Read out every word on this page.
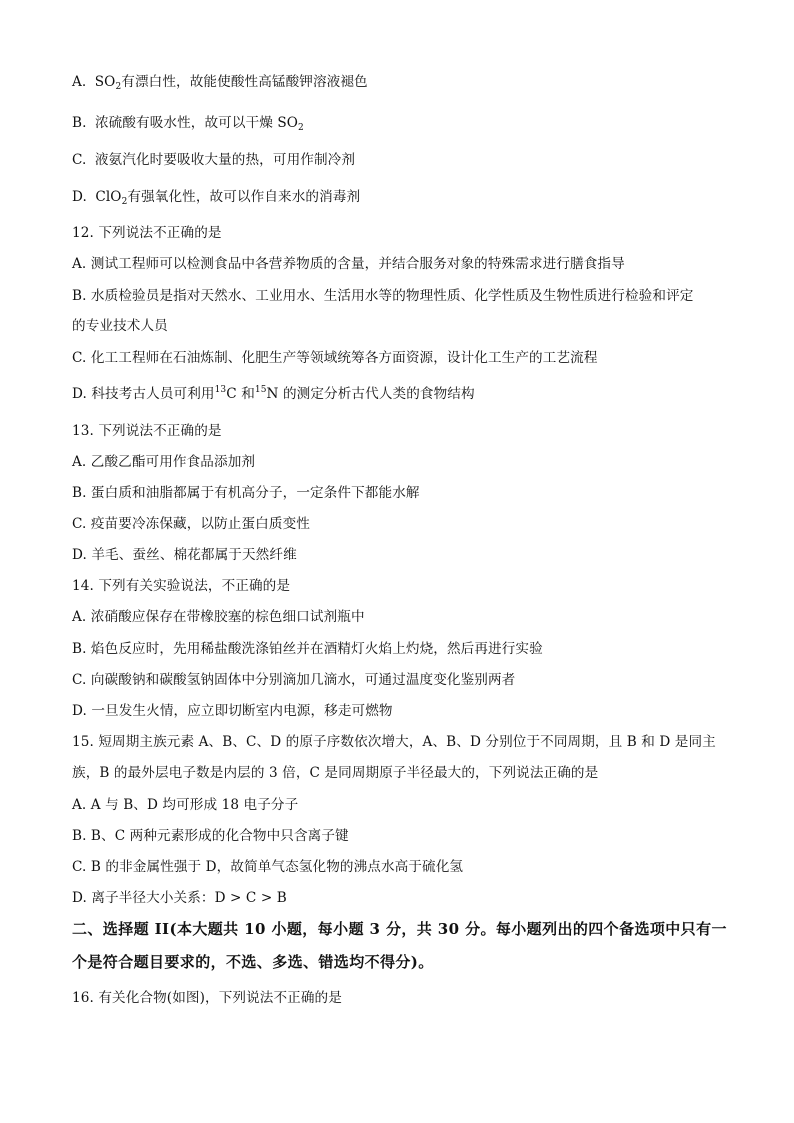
A. $SO_2$有漂白性，故能使酸性高锰酸钾溶液褪色
B. 浓硫酸有吸水性，故可以干燥 $SO_2$
C. 液氨汽化时要吸收大量的热，可用作制冷剂
D. ClO$_2$有强氧化性，故可以作自来水的消毒剂
12. 下列说法不正确的是
A. 测试工程师可以检测食品中各营养物质的含量，并结合服务对象的特殊需求进行膳食指导
B. 水质检验员是指对天然水、工业用水、生活用水等的物理性质、化学性质及生物性质进行检验和评定
的专业技术人员
C. 化工工程师在石油炼制、化肥生产等领域统筹各方面资源，设计化工生产的工艺流程
D. 科技考古人员可利用$^{13}$C 和$^{15}$N 的测定分析古代人类的食物结构
13. 下列说法不正确的是
A. 乙酸乙酯可用作食品添加剂
B. 蛋白质和油脂都属于有机高分子，一定条件下都能水解
C. 疫苗要冷冻保藏，以防止蛋白质变性
D. 羊毛、蚕丝、棉花都属于天然纤维
14. 下列有关实验说法，不正确的是
A. 浓硝酸应保存在带橡胶塞的棕色细口试剂瓶中
B. 焰色反应时，先用稀盐酸洗涤铂丝并在酒精灯火焰上灼烧，然后再进行实验
C. 向碳酸钠和碳酸氢钠固体中分别滴加几滴水，可通过温度变化鉴别两者
D. 一旦发生火情，应立即切断室内电源，移走可燃物
15. 短周期主族元素 A、B、C、D 的原子序数依次增大，A、B、D 分别位于不同周期，且 B 和 D 是同主
族，B 的最外层电子数是内层的 3 倍，C 是同周期原子半径最大的，下列说法正确的是
A. A 与 B、D 均可形成 18 电子分子
B. B、C 两种元素形成的化合物中只含离子键
C. B 的非金属性强于 D，故简单气态氢化物的沸点水高于硫化氢
D. 离子半径大小关系：D > C > B
二、选择题 II(本大题共 10 小题，每小题 3 分，共 30 分。每小题列出的四个备选项中只有一
个是符合题目要求的，不选、多选、错选均不得分)。
16. 有关化合物(如图)，下列说法不正确的是
